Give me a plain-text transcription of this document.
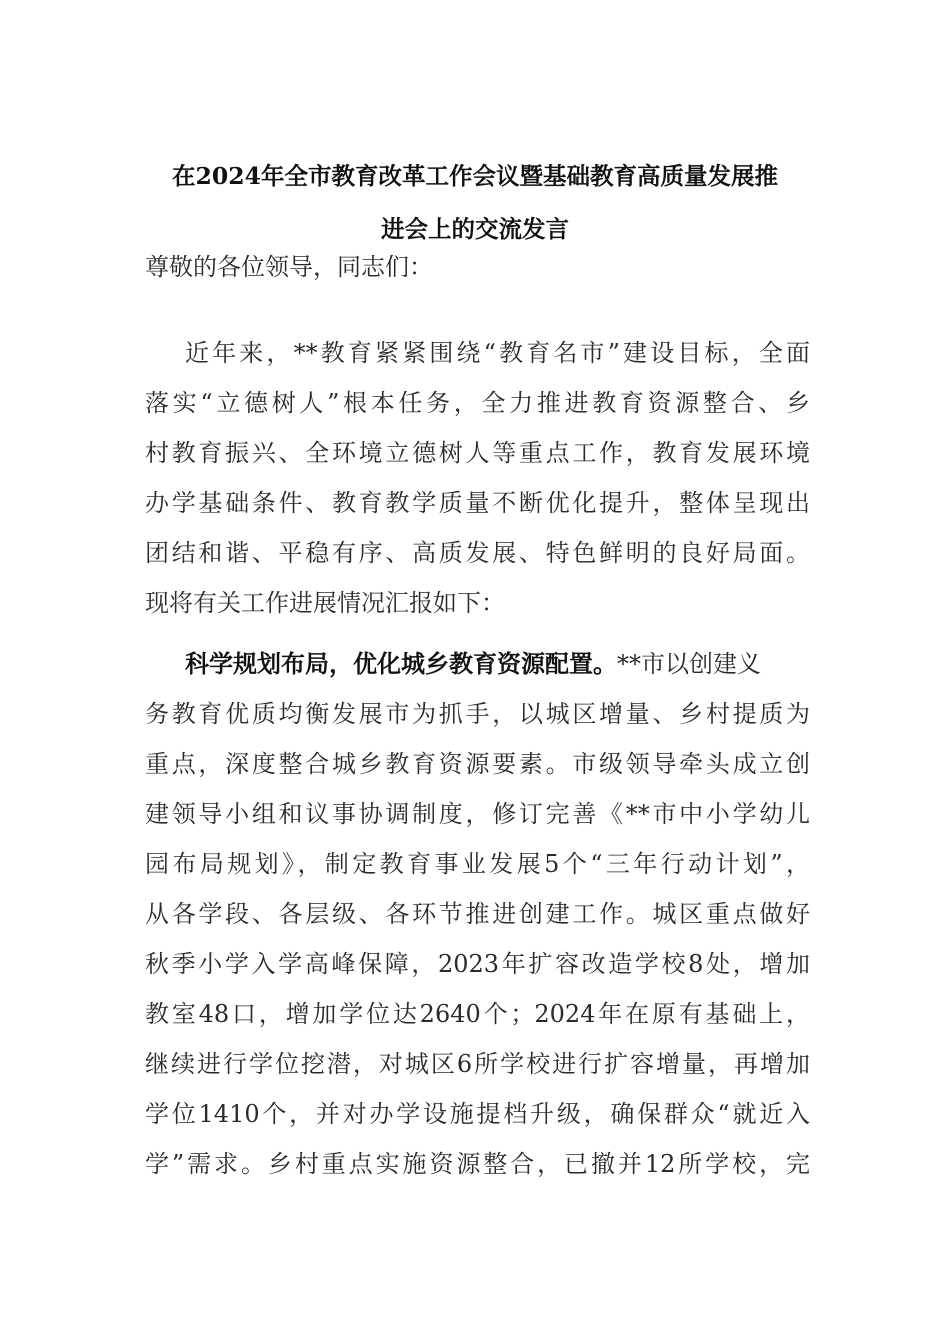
在2024年全市教育改革工作会议暨基础教育高质量发展推
进会上的交流发言
尊敬的各位领导，同志们：
近年来，**教育紧紧围绕“教育名市”建设目标，全面
落实“立德树人”根本任务，全力推进教育资源整合、乡
村教育振兴、全环境立德树人等重点工作，教育发展环境
办学基础条件、教育教学质量不断优化提升，整体呈现出
团结和谐、平稳有序、高质发展、特色鲜明的良好局面。
现将有关工作进展情况汇报如下：
科学规划布局，优化城乡教育资源配置。**市以创建义
务教育优质均衡发展市为抓手，以城区增量、乡村提质为
重点，深度整合城乡教育资源要素。市级领导牵头成立创
建领导小组和议事协调制度，修订完善《**市中小学幼儿
园布局规划》，制定教育事业发展5个“三年行动计划”，
从各学段、各层级、各环节推进创建工作。城区重点做好
秋季小学入学高峰保障，2023年扩容改造学校8处，增加
教室48口，增加学位达2640个；2024年在原有基础上，
继续进行学位挖潜，对城区6所学校进行扩容增量，再增加
学位1410个，并对办学设施提档升级，确保群众“就近入
学”需求。乡村重点实施资源整合，已撤并12所学校，完
